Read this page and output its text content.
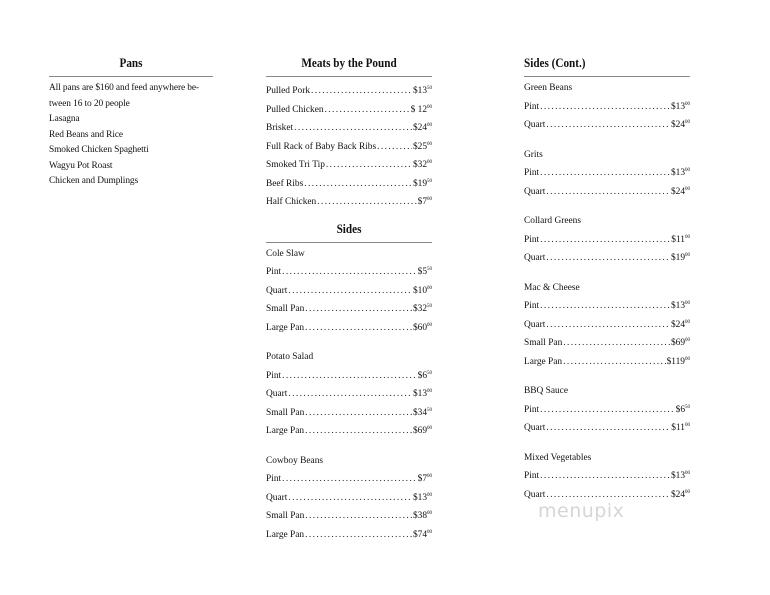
Pans
All pans are $160 and feed anywhere be-
tween 16 to 20 people
Lasagna
Red Beans and Rice
Smoked Chicken Spaghetti
Wagyu Pot Roast
Chicken and Dumplings
Meats by the Pound
Pulled Pork .....	$\$13^{50}$
Pulled Chicken .....	$ $12^{00}$
Brisket .....	$\$24^{00}$
Full Rack of Baby Back Ribs .....	$\$25^{00}$
Smoked Tri Tip .....	$\$32^{00}$
Beef Ribs .....	$\$19^{50}$
Half Chicken .....	$\$7^{00}$
Sides
Cole Slaw
Pint .....	$\$5^{50}$
Quart .....	$\$10^{00}$
Small Pan .....	$\$32^{50}$
Large Pan .....	$\$60^{00}$
Potato Salad
Pint .....	$\$6^{50}$
Quart .....	$\$13^{00}$
Small Pan .....	$\$34^{50}$
Large Pan .....	$\$69^{00}$
Cowboy Beans
Pint .....	$\$7^{00}$
Quart .....	$\$13^{00}$
Small Pan .....	$\$38^{00}$
Large Pan .....	$\$74^{00}$
Sides (Cont.)
Green Beans
Pint .....	$\$13^{00}$
Quart .....	$\$24^{00}$
Grits
Pint .....	$\$13^{00}$
Quart .....	$\$24^{00}$
Collard Greens
Pint .....	$\$11^{00}$
Quart .....	$\$19^{00}$
Mac & Cheese
Pint .....	$\$13^{00}$
Quart .....	$\$24^{00}$
Small Pan .....	$\$69^{00}$
Large Pan .....	$\$119^{00}$
BBQ Sauce
Pint .....	$\$6^{50}$
Quart .....	$\$11^{00}$
Mixed Vegetables
Pint .....	$\$13^{00}$
Quart .....	$\$24^{00}$
menupix
